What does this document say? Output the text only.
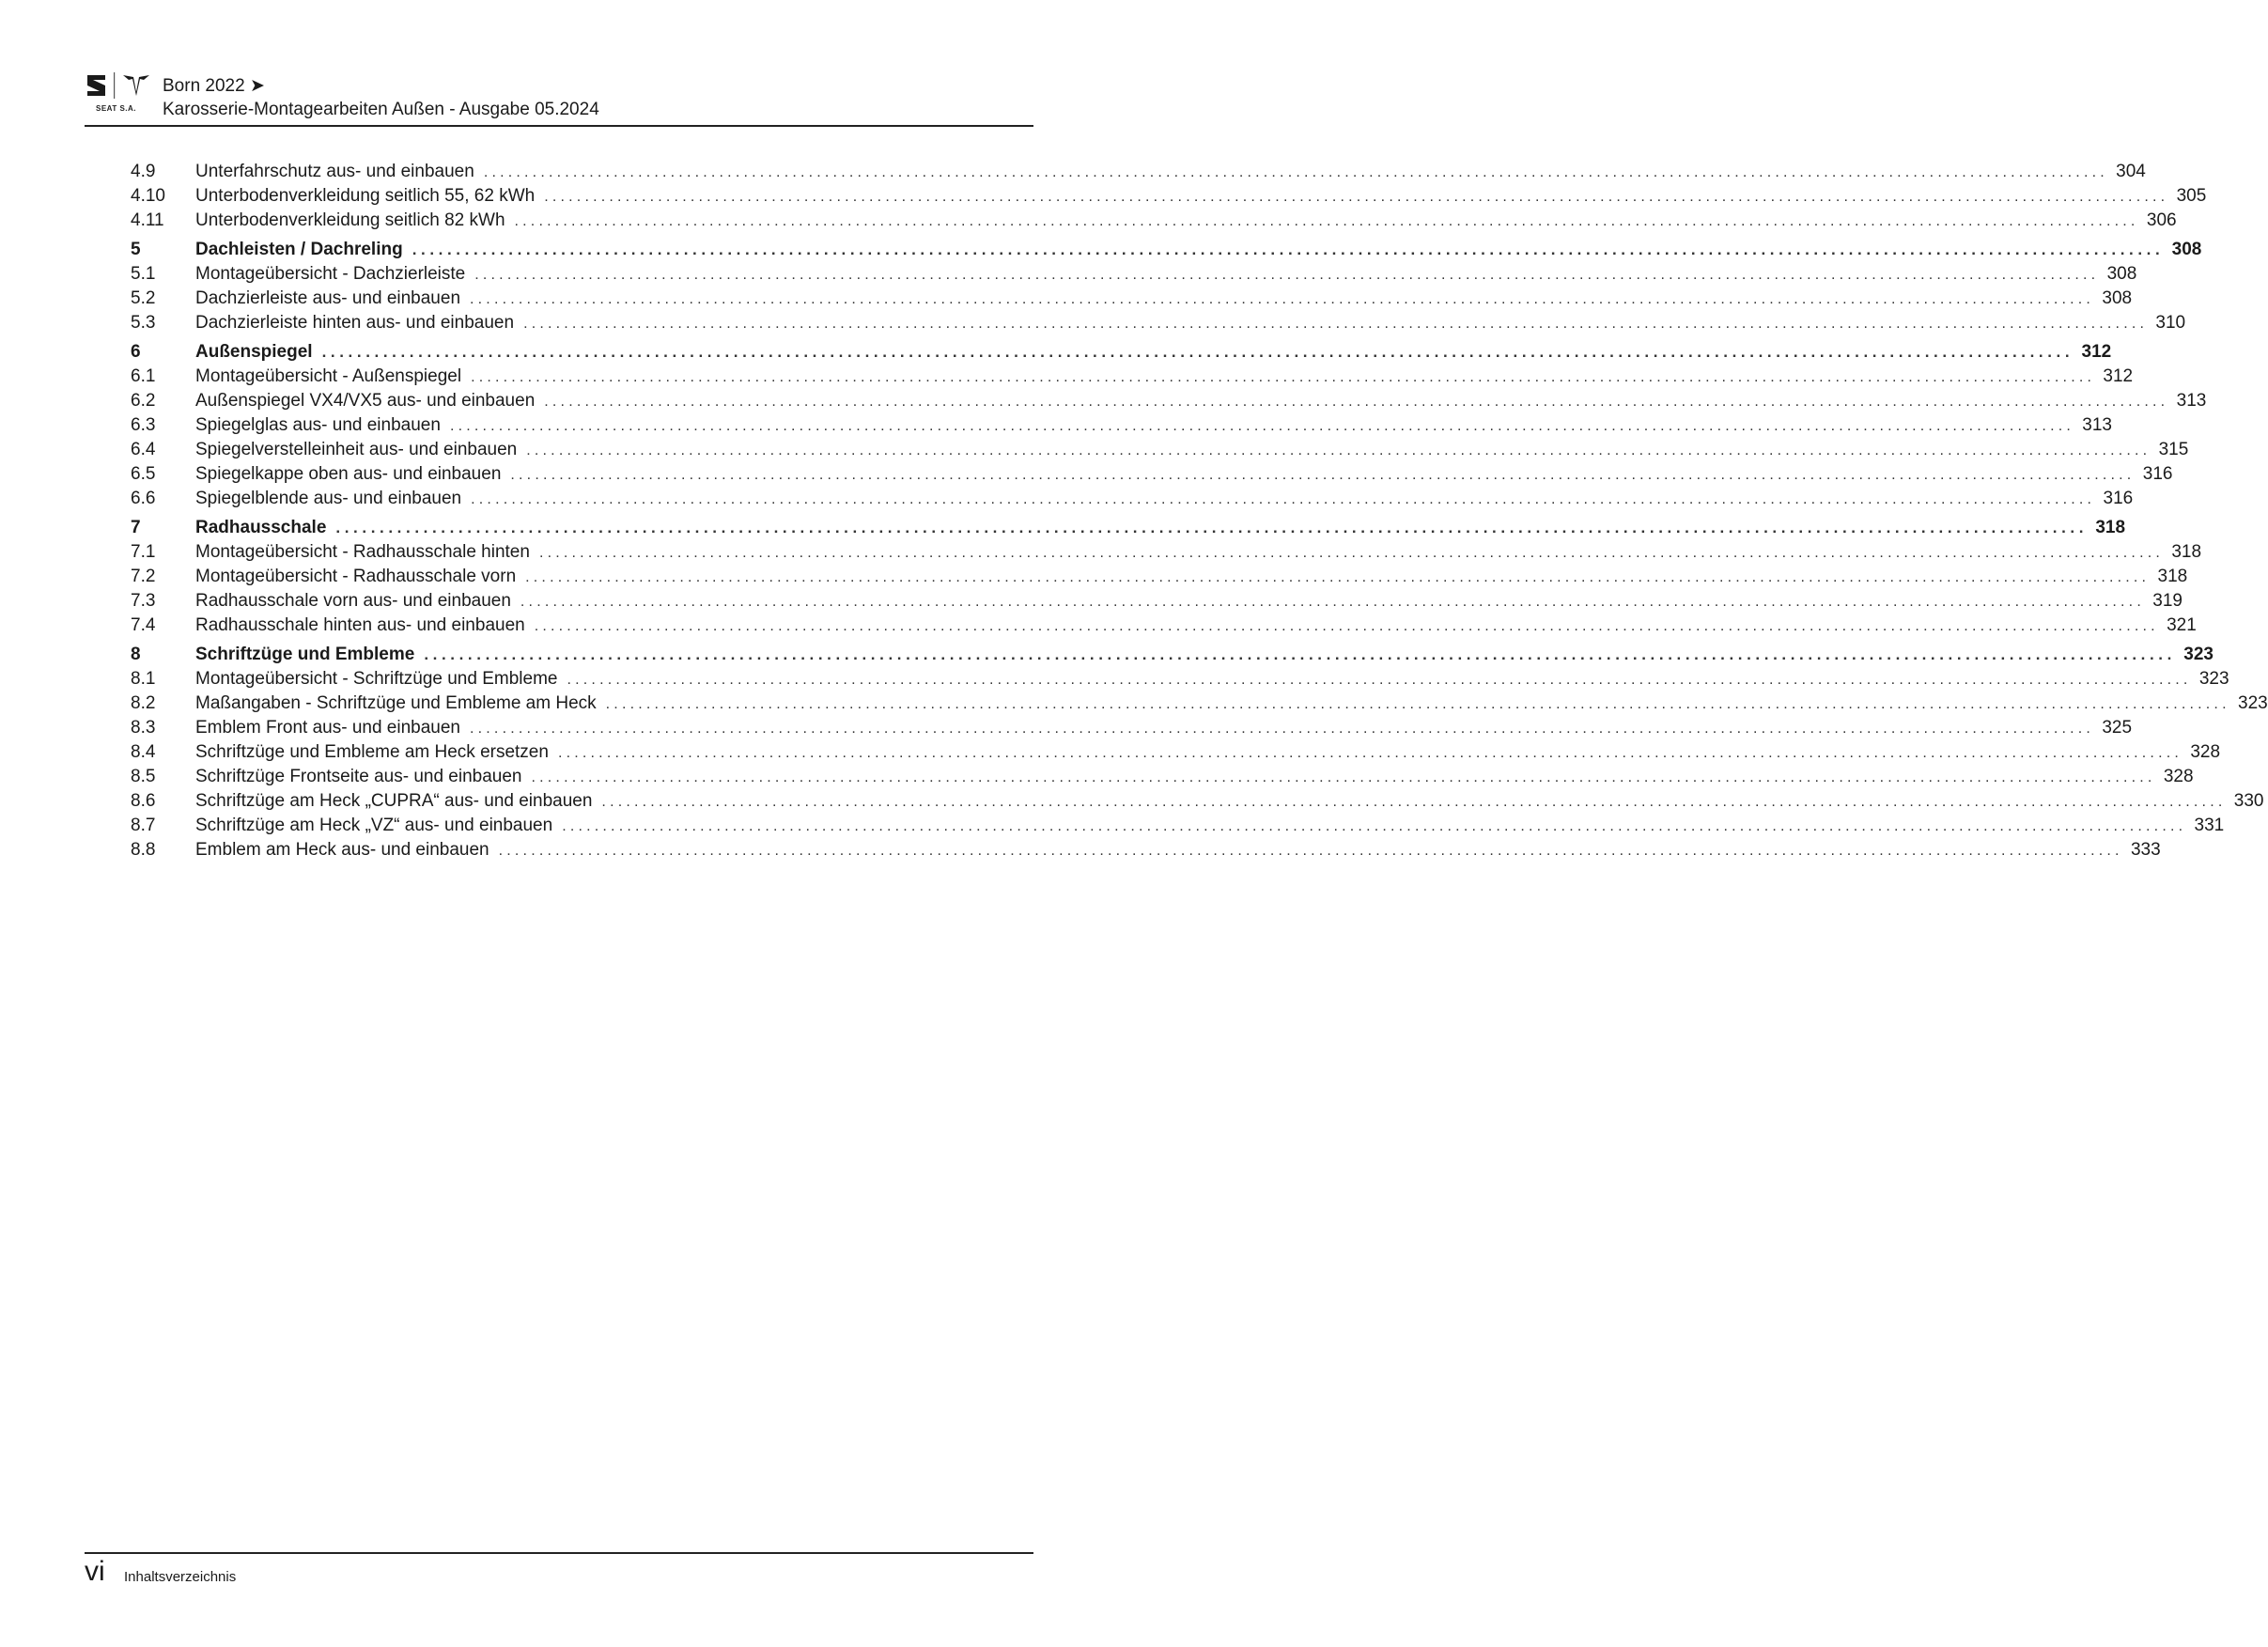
SEAT S.A.
Born 2022 ➤
Karosserie-Montagearbeiten Außen - Ausgabe 05.2024
4.9	Unterfahrschutz aus- und einbauen ........................................................................................................................................................................................................ 304
4.10	Unterbodenverkleidung seitlich 55, 62 kWh ........................................................................................................................................................................................................ 305
4.11	Unterbodenverkleidung seitlich 82 kWh ........................................................................................................................................................................................................ 306
5	Dachleisten / Dachreling ........................................................................................................................................................................................................ 308
5.1	Montageübersicht - Dachzierleiste ........................................................................................................................................................................................................ 308
5.2	Dachzierleiste aus- und einbauen ........................................................................................................................................................................................................ 308
5.3	Dachzierleiste hinten aus- und einbauen ........................................................................................................................................................................................................ 310
6	Außenspiegel ........................................................................................................................................................................................................ 312
6.1	Montageübersicht - Außenspiegel ........................................................................................................................................................................................................ 312
6.2	Außenspiegel VX4/VX5 aus- und einbauen ........................................................................................................................................................................................................ 313
6.3	Spiegelglas aus- und einbauen ........................................................................................................................................................................................................ 313
6.4	Spiegelverstelleinheit aus- und einbauen ........................................................................................................................................................................................................ 315
6.5	Spiegelkappe oben aus- und einbauen ........................................................................................................................................................................................................ 316
6.6	Spiegelblende aus- und einbauen ........................................................................................................................................................................................................ 316
7	Radhausschale ........................................................................................................................................................................................................ 318
7.1	Montageübersicht - Radhausschale hinten ........................................................................................................................................................................................................ 318
7.2	Montageübersicht - Radhausschale vorn ........................................................................................................................................................................................................ 318
7.3	Radhausschale vorn aus- und einbauen ........................................................................................................................................................................................................ 319
7.4	Radhausschale hinten aus- und einbauen ........................................................................................................................................................................................................ 321
8	Schriftzüge und Embleme ........................................................................................................................................................................................................ 323
8.1	Montageübersicht - Schriftzüge und Embleme ........................................................................................................................................................................................................ 323
8.2	Maßangaben - Schriftzüge und Embleme am Heck ........................................................................................................................................................................................................ 323
8.3	Emblem Front aus- und einbauen ........................................................................................................................................................................................................ 325
8.4	Schriftzüge und Embleme am Heck ersetzen ........................................................................................................................................................................................................ 328
8.5	Schriftzüge Frontseite aus- und einbauen ........................................................................................................................................................................................................ 328
8.6	Schriftzüge am Heck „CUPRA“ aus- und einbauen ........................................................................................................................................................................................................ 330
8.7	Schriftzüge am Heck „VZ“ aus- und einbauen ........................................................................................................................................................................................................ 331
8.8	Emblem am Heck aus- und einbauen ........................................................................................................................................................................................................ 333
vi Inhaltsverzeichnis
